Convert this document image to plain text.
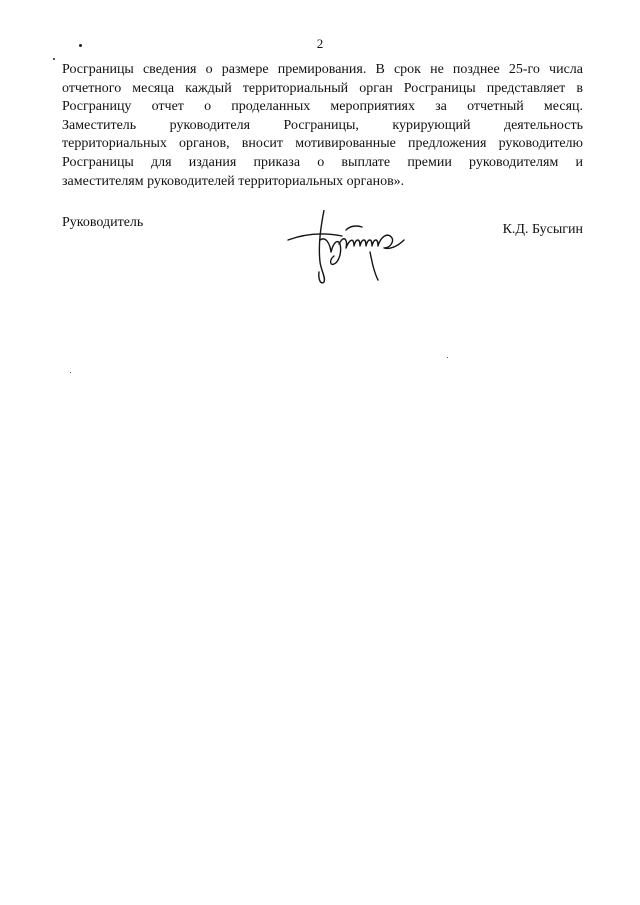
2
Росграницы сведения о размере премирования. В срок не позднее 25-го числа
отчетного месяца каждый территориальный орган Росграницы представляет в
Росграницу отчет о проделанных мероприятиях за отчетный месяц.
Заместитель руководителя Росграницы, курирующий деятельность
территориальных органов, вносит мотивированные предложения руководителю
Росграницы для издания приказа о выплате премии руководителям и
заместителям руководителей территориальных органов».
Руководитель	К.Д. Бусыгин
